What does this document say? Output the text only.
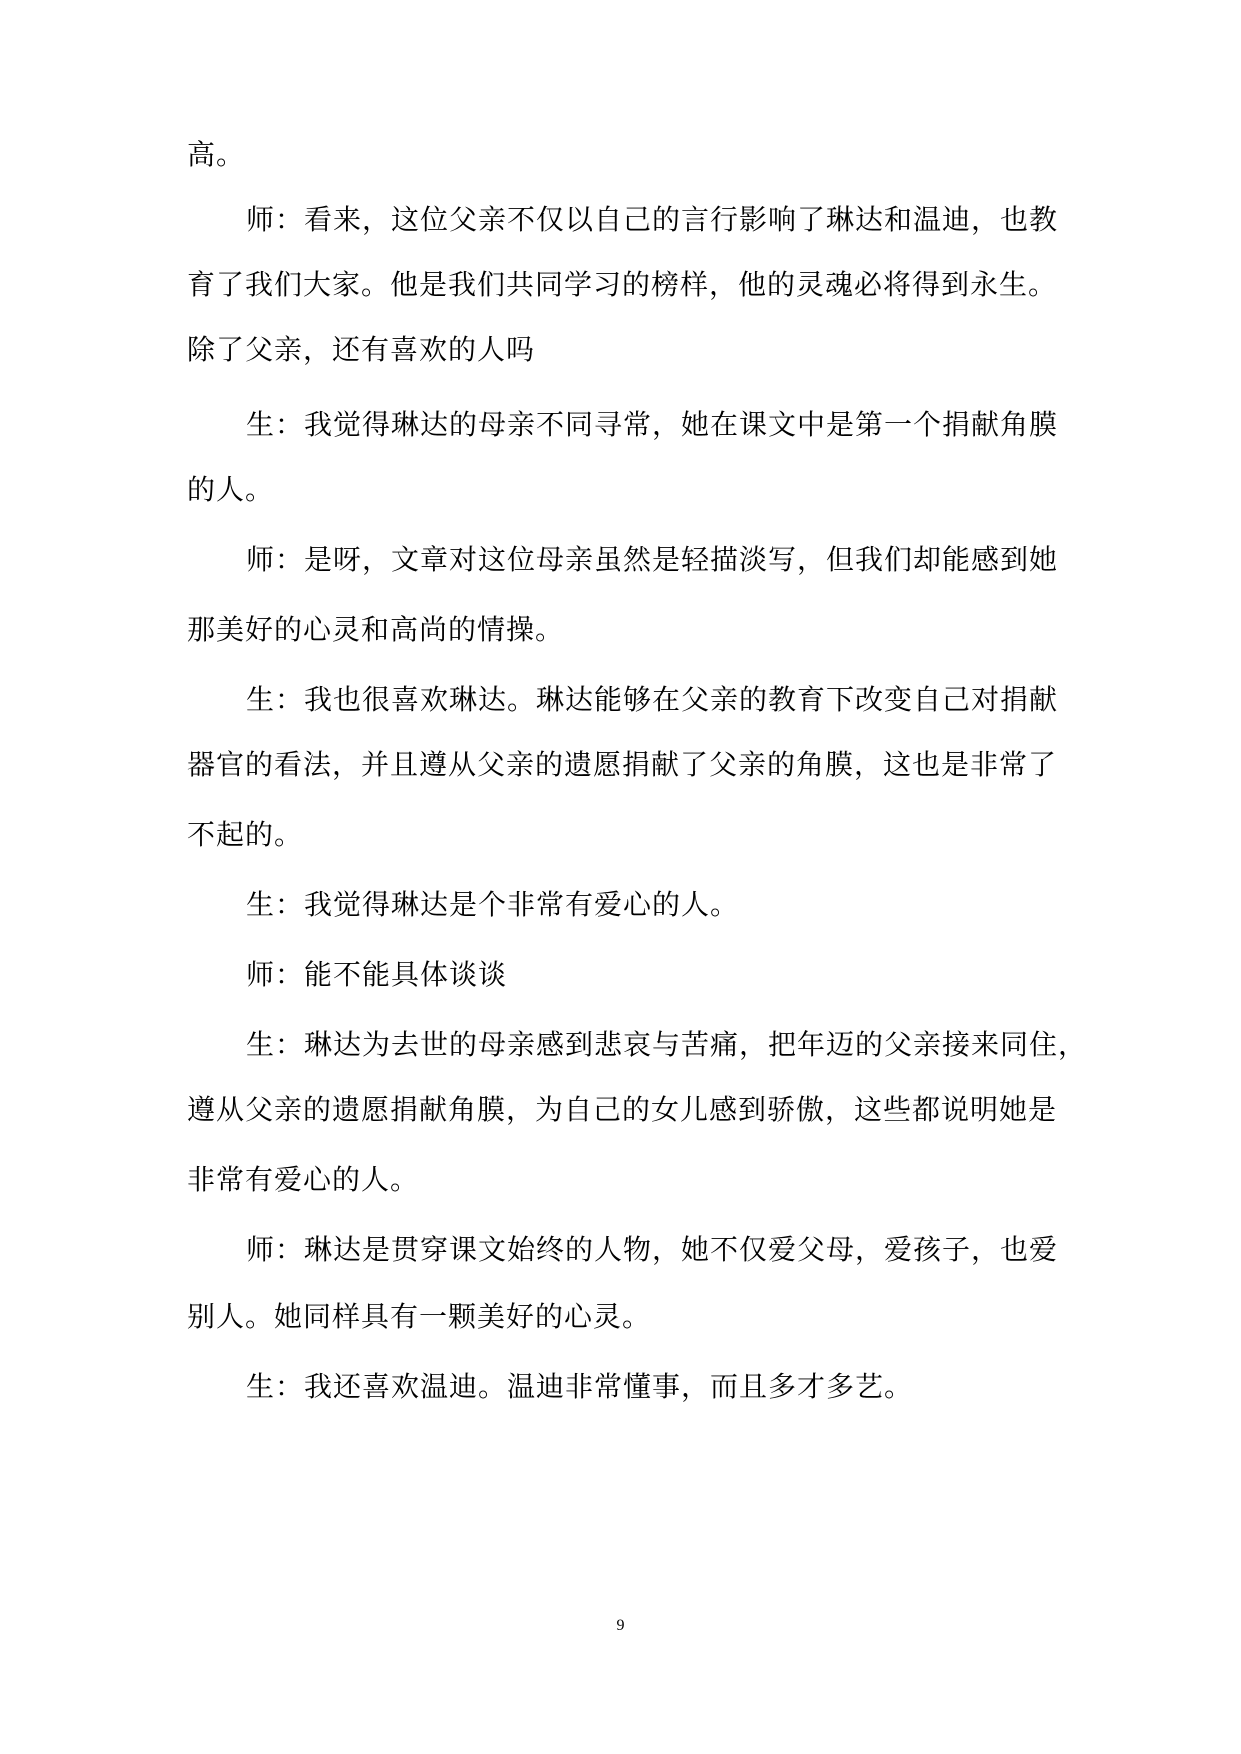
高。
师：看来，这位父亲不仅以自己的言行影响了琳达和温迪，也教
育了我们大家。他是我们共同学习的榜样，他的灵魂必将得到永生。
除了父亲，还有喜欢的人吗
生：我觉得琳达的母亲不同寻常，她在课文中是第一个捐献角膜
的人。
师：是呀，文章对这位母亲虽然是轻描淡写，但我们却能感到她
那美好的心灵和高尚的情操。
生：我也很喜欢琳达。琳达能够在父亲的教育下改变自己对捐献
器官的看法，并且遵从父亲的遗愿捐献了父亲的角膜，这也是非常了
不起的。
生：我觉得琳达是个非常有爱心的人。
师：能不能具体谈谈
生：琳达为去世的母亲感到悲哀与苦痛，把年迈的父亲接来同住，
遵从父亲的遗愿捐献角膜，为自己的女儿感到骄傲，这些都说明她是
非常有爱心的人。
师：琳达是贯穿课文始终的人物，她不仅爱父母，爱孩子，也爱
别人。她同样具有一颗美好的心灵。
生：我还喜欢温迪。温迪非常懂事，而且多才多艺。
9
